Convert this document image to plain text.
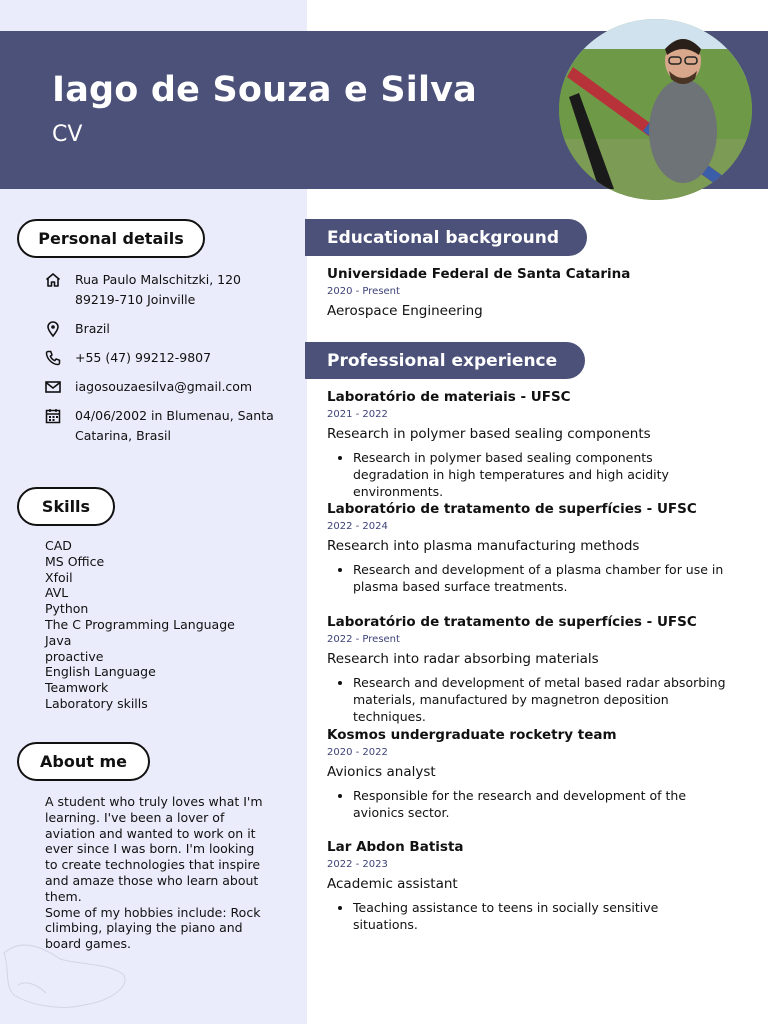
Iago de Souza e Silva
CV
Personal details
Rua Paulo Malschitzki, 120
89219-710 Joinville
Brazil
+55 (47) 99212-9807
iagosouzaesilva@gmail.com
04/06/2002 in Blumenau, Santa Catarina, Brasil
Skills
CAD
MS Office
Xfoil
AVL
Python
The C Programming Language
Java
proactive
English Language
Teamwork
Laboratory skills
About me

A student who truly loves what I'm learning. I've been a lover of aviation and wanted to work on it ever since I was born. I'm looking to create technologies that inspire and amaze those who learn about them.

Some of my hobbies include: Rock climbing, playing the piano and board games.

Educational background
Universidade Federal de Santa Catarina
2020 - Present
Aerospace Engineering
Professional experience
Laboratório de materiais - UFSC
2021 - 2022
Research in polymer based sealing components
• Research in polymer based sealing components degradation in high temperatures and high acidity environments.
Laboratório de tratamento de superfícies - UFSC
2022 - 2024
Research into plasma manufacturing methods
• Research and development of a plasma chamber for use in plasma based surface treatments.
Laboratório de tratamento de superfícies - UFSC
2022 - Present
Research into radar absorbing materials
• Research and development of metal based radar absorbing materials, manufactured by magnetron deposition techniques.
Kosmos undergraduate rocketry team
2020 - 2022
Avionics analyst
• Responsible for the research and development of the avionics sector.
Lar Abdon Batista
2022 - 2023
Academic assistant
• Teaching assistance to teens in socially sensitive situations.
